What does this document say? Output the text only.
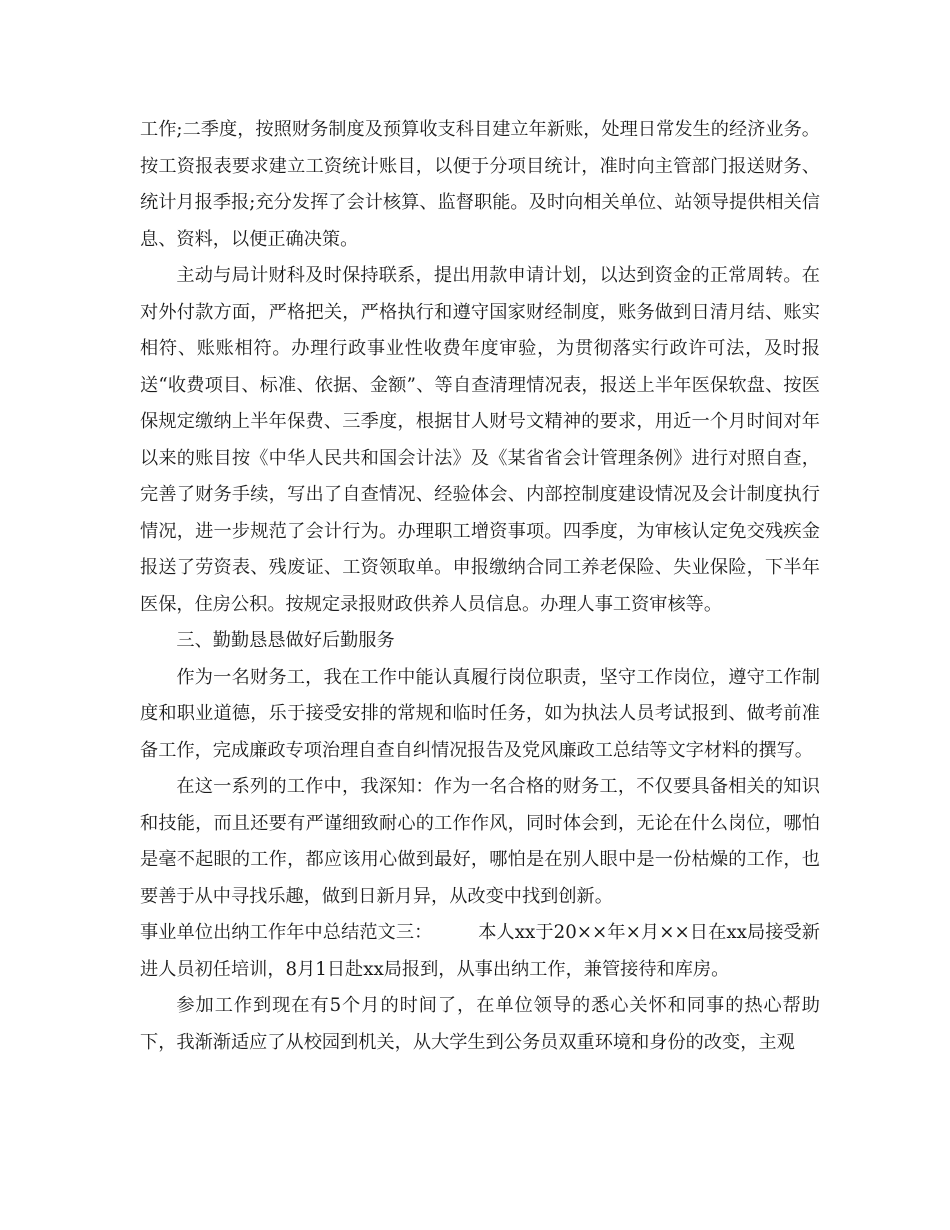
工作;二季度，按照财务制度及预算收支科目建立年新账，处理日常发生的经济业务。按工资报表要求建立工资统计账目，以便于分项目统计，准时向主管部门报送财务、统计月报季报;充分发挥了会计核算、监督职能。及时向相关单位、站领导提供相关信息、资料，以便正确决策。

主动与局计财科及时保持联系，提出用款申请计划，以达到资金的正常周转。在对外付款方面，严格把关，严格执行和遵守国家财经制度，账务做到日清月结、账实相符、账账相符。办理行政事业性收费年度审验，为贯彻落实行政许可法，及时报送“收费项目、标准、依据、金额”、等自查清理情况表，报送上半年医保软盘、按医保规定缴纳上半年保费、三季度，根据甘人财号文精神的要求，用近一个月时间对年以来的账目按《中华人民共和国会计法》及《某省省会计管理条例》进行对照自查，完善了财务手续，写出了自查情况、经验体会、内部控制度建设情况及会计制度执行情况，进一步规范了会计行为。办理职工增资事项。四季度，为审核认定免交残疾金报送了劳资表、残废证、工资领取单。申报缴纳合同工养老保险、失业保险，下半年医保，住房公积。按规定录报财政供养人员信息。办理人事工资审核等。

三、勤勤恳恳做好后勤服务

作为一名财务工，我在工作中能认真履行岗位职责，坚守工作岗位，遵守工作制度和职业道德，乐于接受安排的常规和临时任务，如为执法人员考试报到、做考前准备工作，完成廉政专项治理自查自纠情况报告及党风廉政工总结等文字材料的撰写。

在这一系列的工作中，我深知：作为一名合格的财务工，不仅要具备相关的知识和技能，而且还要有严谨细致耐心的工作作风，同时体会到，无论在什么岗位，哪怕是毫不起眼的工作，都应该用心做到最好，哪怕是在别人眼中是一份枯燥的工作，也要善于从中寻找乐趣，做到日新月异，从改变中找到创新。

事业单位出纳工作年中总结范文三：　　　本人xx于20××年×月××日在xx局接受新进人员初任培训，8月1日赴xx局报到，从事出纳工作，兼管接待和库房。

参加工作到现在有5个月的时间了，在单位领导的悉心关怀和同事的热心帮助下，我渐渐适应了从校园到机关，从大学生到公务员双重环境和身份的改变，主观
